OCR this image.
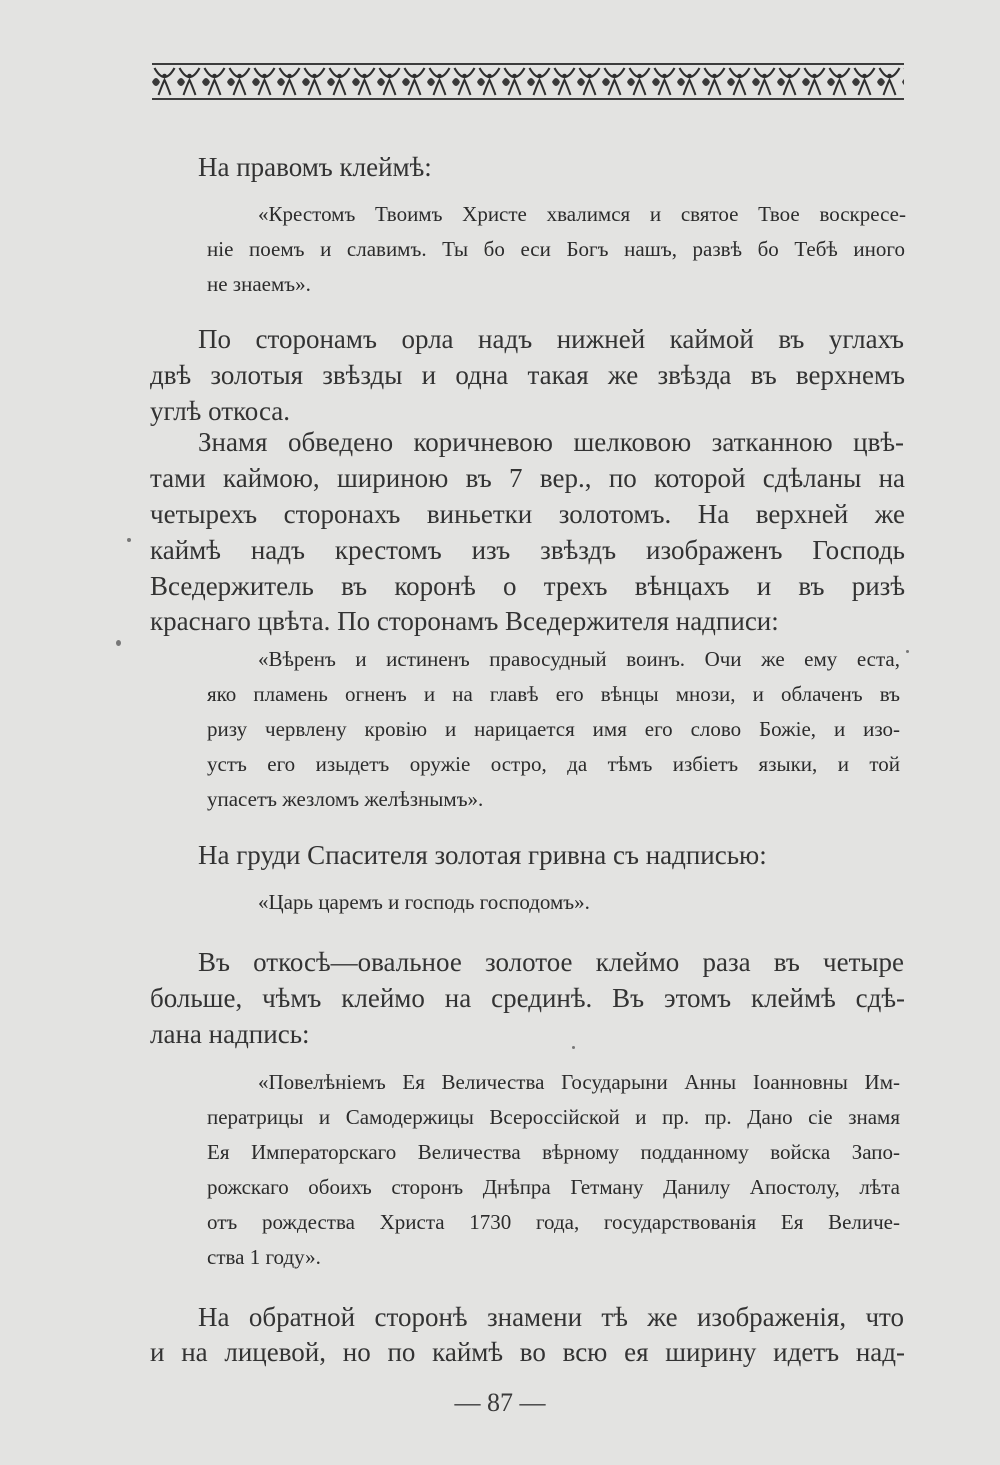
На правомъ клеймѣ:
«Крестомъ Твоимъ Христе хвалимся и святое Твое воскресе-
ніе поемъ и славимъ. Ты бо еси Богъ нашъ, развѣ бо Тебѣ иного
не знаемъ».
По сторонамъ орла надъ нижней каймой въ углахъ
двѣ золотыя звѣзды и одна такая же звѣзда въ верхнемъ
углѣ откоса.
Знамя обведено коричневою шелковою затканною цвѣ-
тами каймою, шириною въ 7 вер., по которой сдѣланы на
четырехъ сторонахъ виньетки золотомъ. На верхней же
каймѣ надъ крестомъ изъ звѣздъ изображенъ Господь
Вседержитель въ коронѣ о трехъ вѣнцахъ и въ ризѣ
краснаго цвѣта. По сторонамъ Вседержителя надписи:
«Вѣренъ и истиненъ правосудный воинъ. Очи же ему еста,
яко пламень огненъ и на главѣ его вѣнцы мнози, и облаченъ въ
ризу червлену кровію и нарицается имя его слово Божіе, и изо-
устъ его изыдетъ оружіе остро, да тѣмъ избіетъ языки, и той
упасетъ жезломъ желѣзнымъ».
На груди Спасителя золотая гривна съ надписью:
«Царь царемъ и господь господомъ».
Въ откосѣ—овальное золотое клеймо раза въ четыре
больше, чѣмъ клеймо на срединѣ. Въ этомъ клеймѣ сдѣ-
лана надпись:
«Повелѣніемъ Ея Величества Государыни Анны Іоанновны Им-
ператрицы и Самодержицы Всероссійской и пр. пр. Дано сіе знамя
Ея Императорскаго Величества вѣрному подданному войска Запо-
рожскаго обоихъ сторонъ Днѣпра Гетману Данилу Апостолу, лѣта
отъ рождества Христа 1730 года, государствованія Ея Величе-
ства 1 году».
На обратной сторонѣ знамени тѣ же изображенія, что
и на лицевой, но по каймѣ во всю ея ширину идетъ над-
— 87 —
